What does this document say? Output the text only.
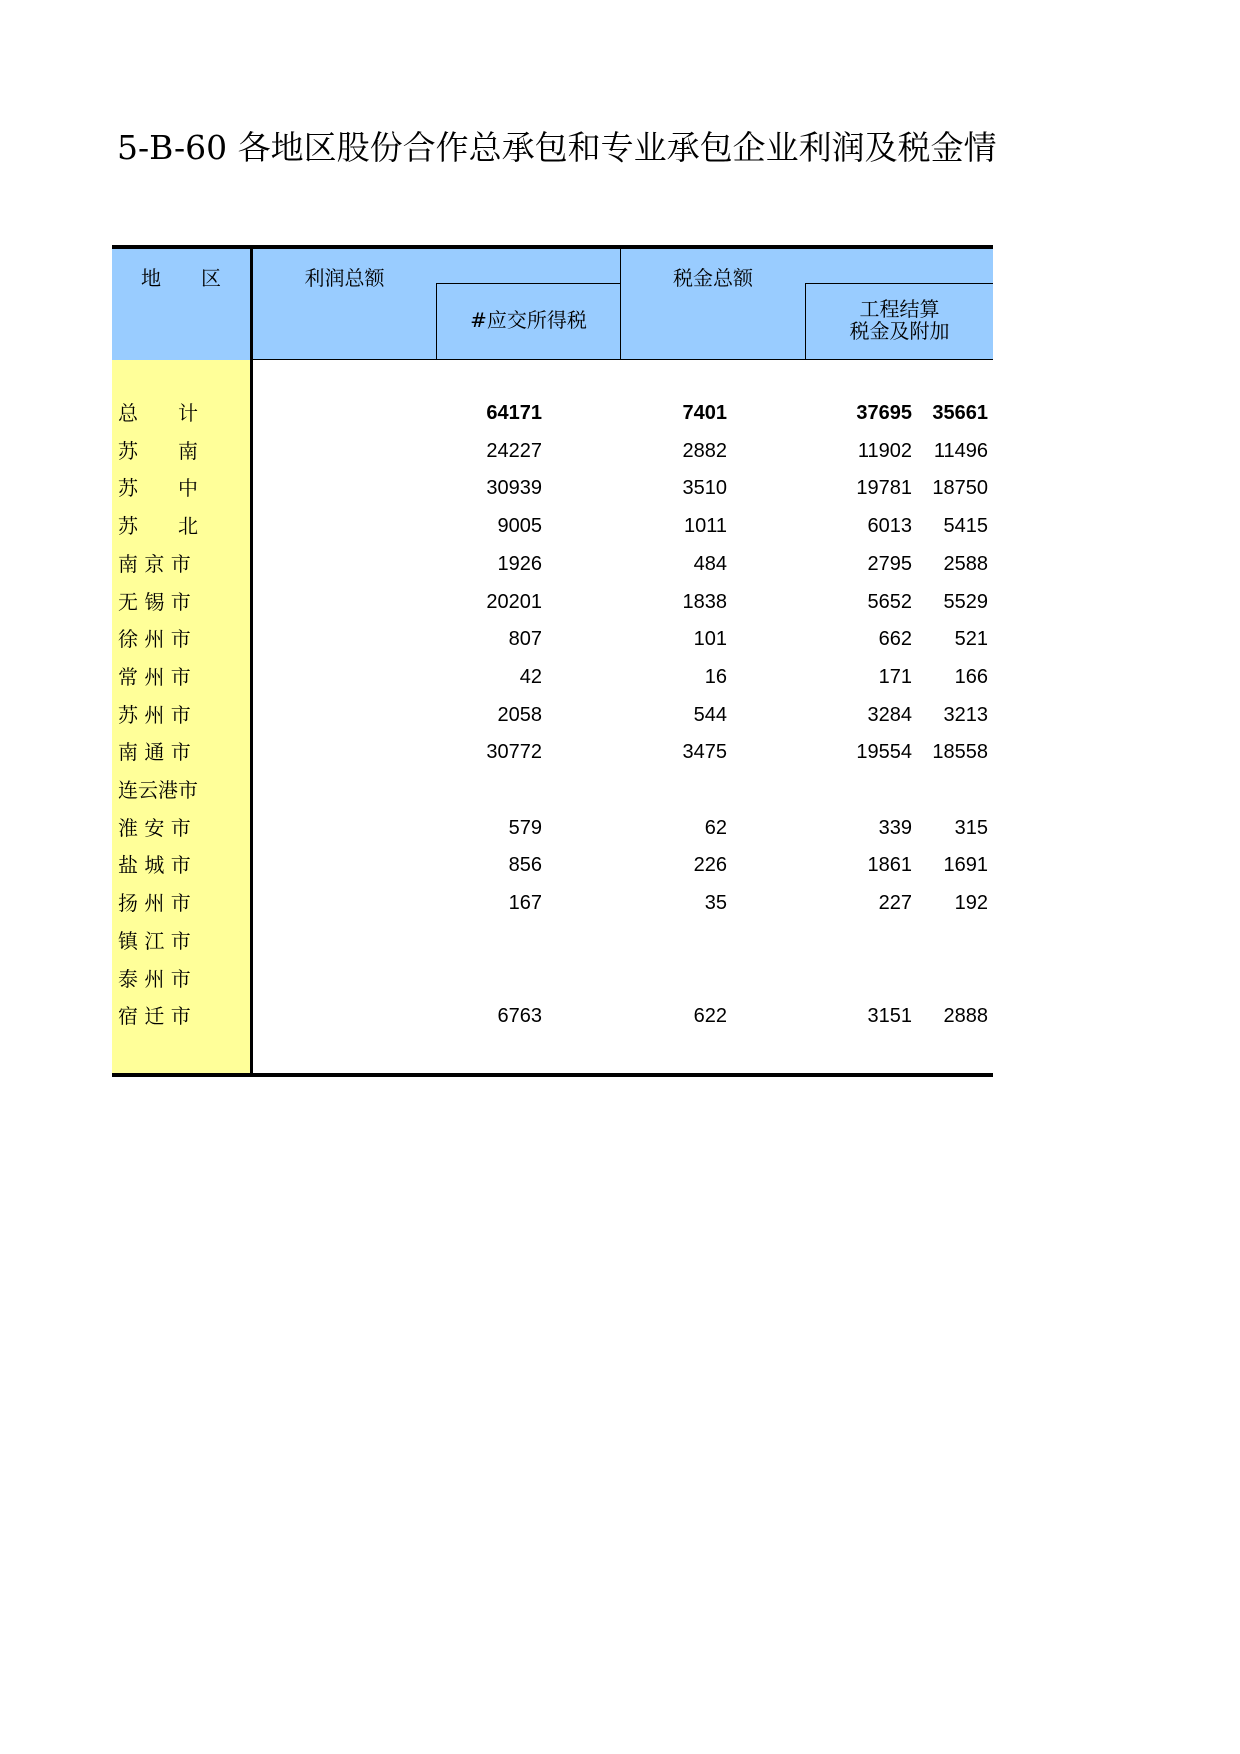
5-B-60 各地区股份合作总承包和专业承包企业利润及税金情
地　　区	利润总额
#应交所得税
税金总额
工程结算
税金及附加
总　　计	64171	7401	37695	35661
苏　　南	24227	2882	11902	11496
苏　　中	30939	3510	19781	18750
苏　　北	9005	1011	6013	5415
南 京 市	1926	484	2795	2588
无 锡 市	20201	1838	5652	5529
徐 州 市	807	101	662	521
常 州 市	42	16	171	166
苏 州 市	2058	544	3284	3213
南 通 市	30772	3475	19554	18558
连云港市
淮 安 市	579	62	339	315
盐 城 市	856	226	1861	1691
扬 州 市	167	35	227	192
镇 江 市
泰 州 市
宿 迁 市	6763	622	3151	2888
